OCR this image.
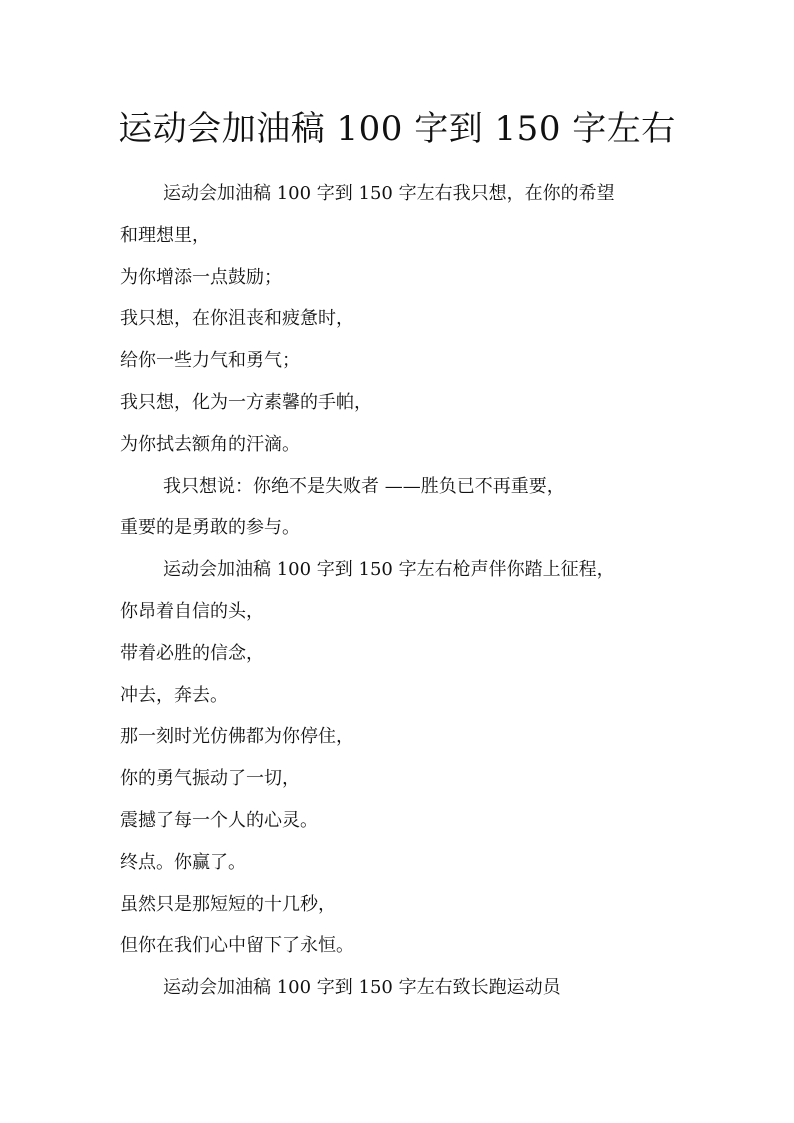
运动会加油稿 100 字到 150 字左右
运动会加油稿 100 字到 150 字左右我只想，在你的希望
和理想里，
为你增添一点鼓励；
我只想，在你沮丧和疲惫时，
给你一些力气和勇气；
我只想，化为一方素馨的手帕，
为你拭去额角的汗滴。
我只想说：你绝不是失败者 ——胜负已不再重要，
重要的是勇敢的参与。
运动会加油稿 100 字到 150 字左右枪声伴你踏上征程，
你昂着自信的头，
带着必胜的信念，
冲去，奔去。
那一刻时光仿佛都为你停住，
你的勇气振动了一切，
震撼了每一个人的心灵。
终点。你赢了。
虽然只是那短短的十几秒，
但你在我们心中留下了永恒。
运动会加油稿 100 字到 150 字左右致长跑运动员
